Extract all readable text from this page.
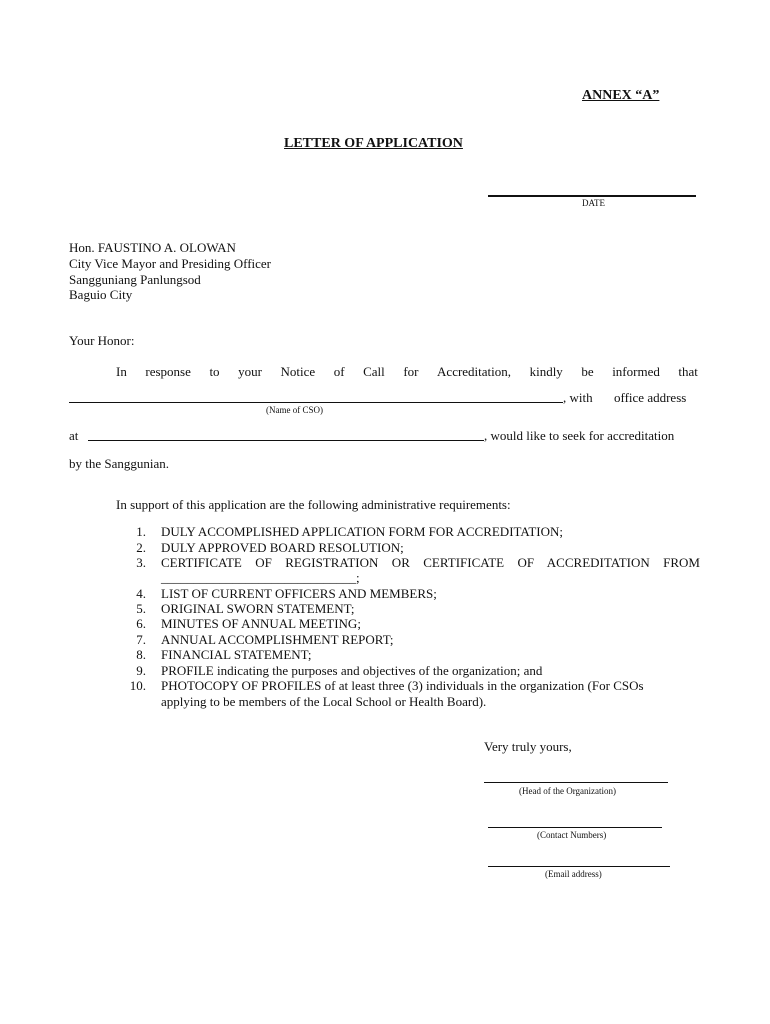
ANNEX “A”
LETTER OF APPLICATION
DATE
Hon. FAUSTINO A. OLOWAN
City Vice Mayor and Presiding Officer
Sangguniang Panlungsod
Baguio City
Your Honor:
In response to your Notice of Call for Accreditation, kindly be informed that
, with office address
(Name of CSO)
at	, would like to seek for accreditation
by the Sanggunian.
In support of this application are the following administrative requirements:
1. DULY ACCOMPLISHED APPLICATION FORM FOR ACCREDITATION;
2. DULY APPROVED BOARD RESOLUTION;
3. CERTIFICATE OF REGISTRATION OR CERTIFICATE OF ACCREDITATION FROM
______________________________;
4. LIST OF CURRENT OFFICERS AND MEMBERS;
5. ORIGINAL SWORN STATEMENT;
6. MINUTES OF ANNUAL MEETING;
7. ANNUAL ACCOMPLISHMENT REPORT;
8. FINANCIAL STATEMENT;
9. PROFILE indicating the purposes and objectives of the organization; and
10. PHOTOCOPY OF PROFILES of at least three (3) individuals in the organization (For CSOs
applying to be members of the Local School or Health Board).
Very truly yours,
(Head of the Organization)
(Contact Numbers)
(Email address)
